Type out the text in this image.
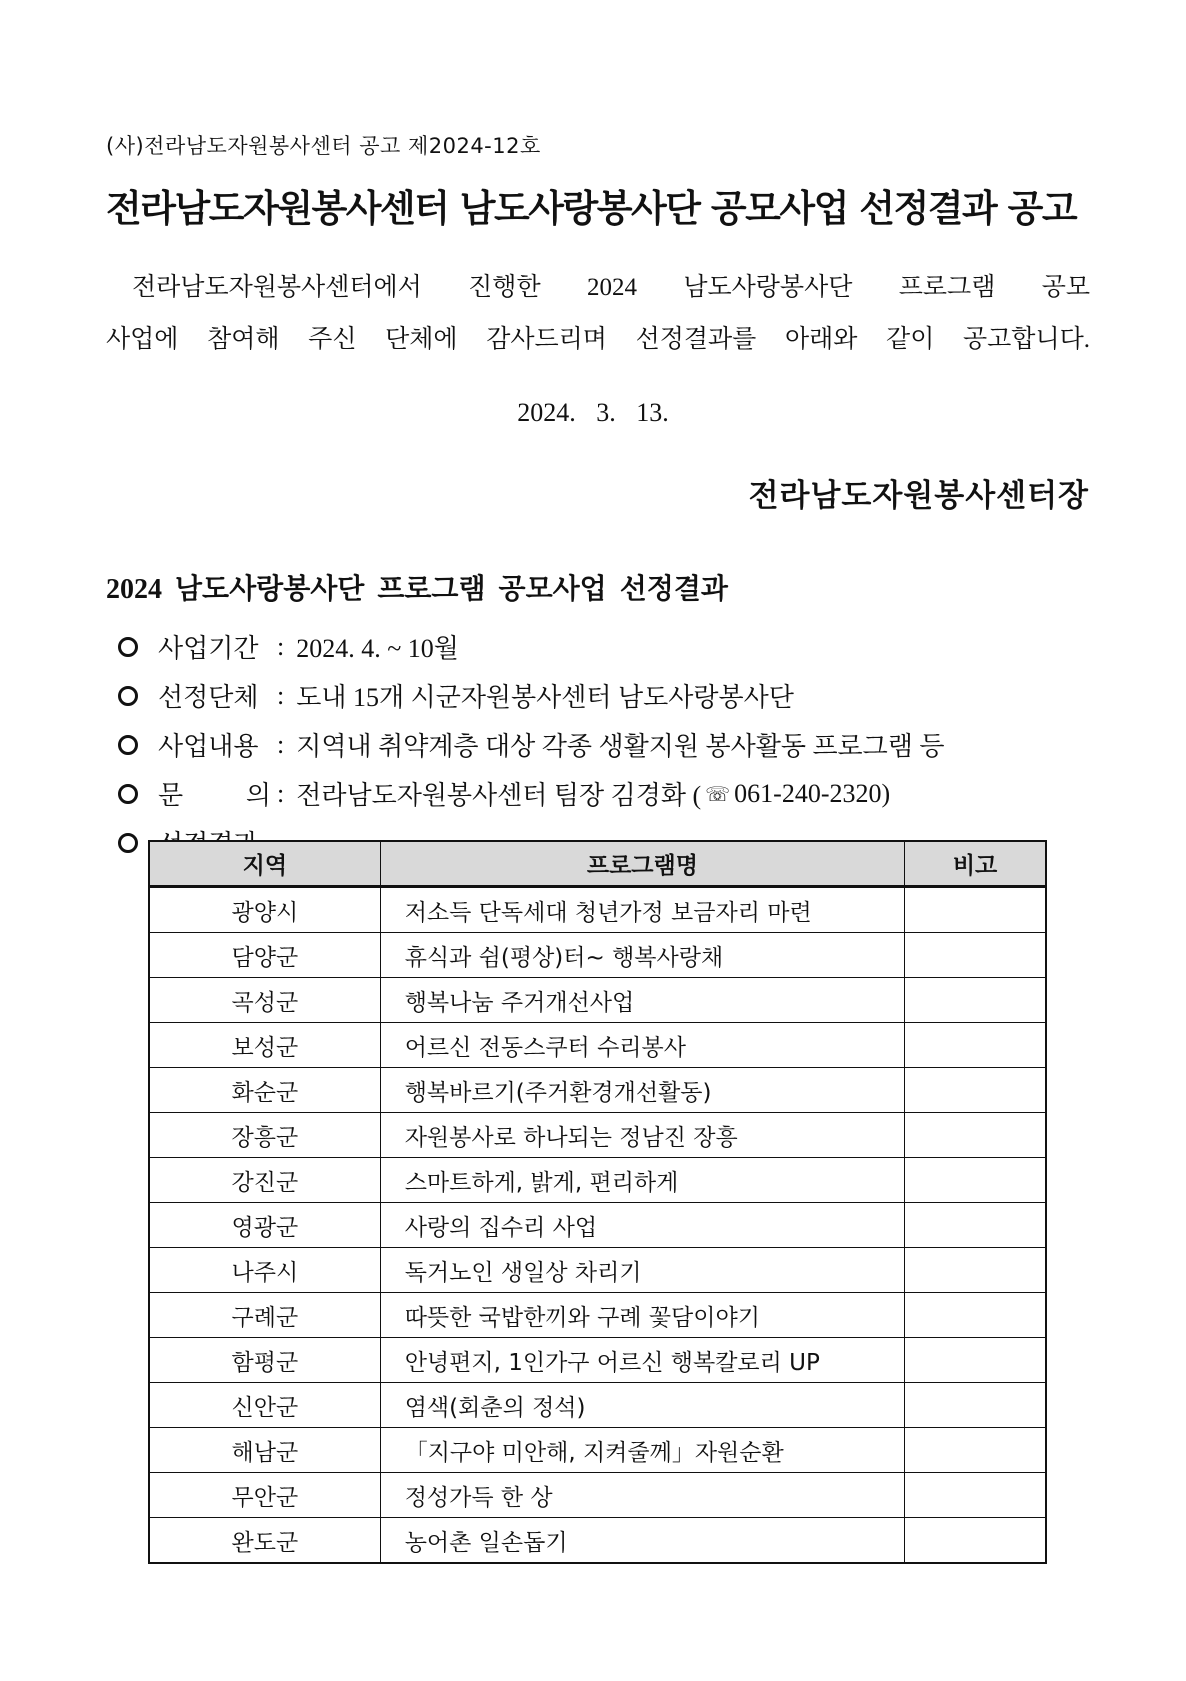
(사)전라남도자원봉사센터 공고 제2024-12호
전라남도자원봉사센터 남도사랑봉사단 공모사업 선정결과 공고

전라남도자원봉사센터에서 진행한 2024 남도사랑봉사단 프로그램 공모

사업에 참여해 주신 단체에 감사드리며 선정결과를 아래와 같이 공고합니다.

2024. 3. 13.
전라남도자원봉사센터장
2024 남도사랑봉사단 프로그램 공모사업 선정결과
사업기간 : 2024. 4. ~ 10월
선정단체 : 도내 15개 시군자원봉사센터 남도사랑봉사단
사업내용 : 지역내 취약계층 대상 각종 생활지원 봉사활동 프로그램 등
문 의 : 전라남도자원봉사센터 팀장 김경화 ( ☏ 061-240-2320)
지역	프로그램명	비고
광양시	저소득 단독세대 청년가정 보금자리 마련	
담양군	휴식과 쉼(평상)터~ 행복사랑채	
곡성군	행복나눔 주거개선사업	
보성군	어르신 전동스쿠터 수리봉사	
화순군	행복바르기(주거환경개선활동)	
장흥군	자원봉사로 하나되는 정남진 장흥	
강진군	스마트하게, 밝게, 편리하게	
영광군	사랑의 집수리 사업	
나주시	독거노인 생일상 차리기	
구례군	따뜻한 국밥한끼와 구례 꽃담이야기	
함평군	안녕편지, 1인가구 어르신 행복칼로리 UP	
신안군	염색(회춘의 정석)	
해남군	「지구야 미안해, 지켜줄께」자원순환	
무안군	정성가득 한 상	
완도군	농어촌 일손돕기	
